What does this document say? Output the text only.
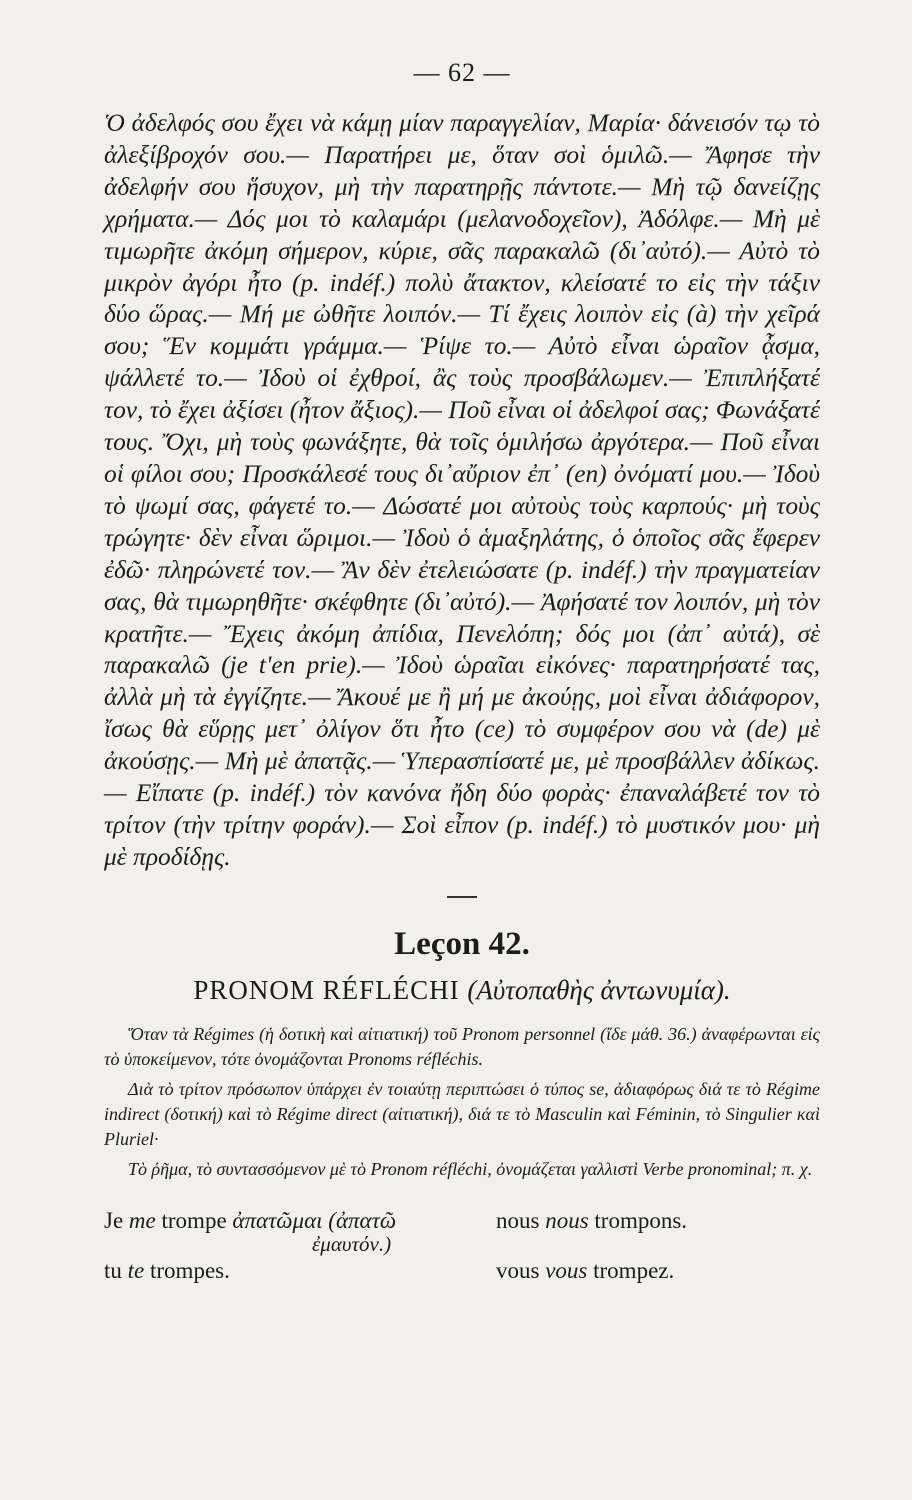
— 62 —
Ὁ ἀδελφός σου ἔχει νὰ κάμῃ μίαν παραγγελίαν, Μαρία· δάνεισόν τῳ τὸ ἀλεξίβροχόν σου.— Παρατήρει με, ὅταν σοὶ ὁμιλῶ.— Ἄφησε τὴν ἀδελφήν σου ἥσυχον, μὴ τὴν παρατηρῇς πάντοτε.— Μὴ τῷ δανείζῃς χρήματα.— Δός μοι τὸ καλαμάρι (μελανοδοχεῖον), Ἀδόλφε.— Μὴ μὲ τιμωρῆτε ἀκόμη σήμερον, κύριε, σᾶς παρακαλῶ (δι᾽αὐτό).— Αὐτὸ τὸ μικρὸν ἀγόρι ἦτο (p. indéf.) πολὺ ἄτακτον, κλείσατέ το εἰς τὴν τάξιν δύο ὥρας.— Μή με ὠθῆτε λοιπόν.— Τί ἔχεις λοιπὸν εἰς (à) τὴν χεῖρά σου; Ἕν κομμάτι γράμμα.— Ῥίψε το.— Αὐτὸ εἶναι ὡραῖον ᾆσμα, ψάλλετέ το.— Ἰδοὺ οἱ ἐχθροί, ἂς τοὺς προσβάλωμεν.— Ἐπιπλήξατέ τον, τὸ ἔχει ἀξίσει (ἦτον ἄξιος).— Ποῦ εἶναι οἱ ἀδελφοί σας; Φωνάξατέ τους. Ὄχι, μὴ τοὺς φωνάξητε, θὰ τοῖς ὁμιλήσω ἀργότερα.— Ποῦ εἶναι οἱ φίλοι σου; Προσκάλεσέ τους δι᾽αὔριον ἐπ᾽ (en) ὀνόματί μου.— Ἰδοὺ τὸ ψωμί σας, φάγετέ το.— Δώσατέ μοι αὐτοὺς τοὺς καρπούς· μὴ τοὺς τρώγητε· δὲν εἶναι ὥριμοι.— Ἰδοὺ ὁ ἁμαξηλάτης, ὁ ὁποῖος σᾶς ἔφερεν ἐδῶ· πληρώνετέ τον.— Ἂν δὲν ἐτελειώσατε (p. indéf.) τὴν πραγματείαν σας, θὰ τιμωρηθῆτε· σκέφθητε (δι᾽αὐτό).— Ἀφήσατέ τον λοιπόν, μὴ τὸν κρατῆτε.— Ἔχεις ἀκόμη ἀπίδια, Πενελόπη; δός μοι (ἀπ᾽ αὐτά), σὲ παρακαλῶ (je t'en prie).— Ἰδοὺ ὡραῖαι εἰκόνες· παρατηρήσατέ τας, ἀλλὰ μὴ τὰ ἐγγίζητε.— Ἄκουέ με ἢ μή με ἀκούῃς, μοὶ εἶναι ἀδιάφορον, ἴσως θὰ εὕρῃς μετ᾽ ὀλίγον ὅτι ἦτο (ce) τὸ συμφέρον σου νὰ (de) μὲ ἀκούσῃς.— Μὴ μὲ ἀπατᾷς.— Ὑπερασπίσατέ με, μὲ προσβάλλεν ἀδίκως.— Εἴπατε (p. indéf.) τὸν κανόνα ἤδη δύο φορὰς· ἐπαναλάβετέ τον τὸ τρίτον (τὴν τρίτην φοράν).— Σοὶ εἶπον (p. indéf.) τὸ μυστικόν μου· μὴ μὲ προδίδῃς.
Leçon 42.
PRONOM RÉFLÉCHI (Αὐτοπαθὴς ἀντωνυμία).

Ὅταν τὰ Régimes (ἡ δοτικὴ καὶ αἰτιατική) τοῦ Pronom personnel (ἴδε μάθ. 36.) ἀναφέρωνται εἰς τὸ ὑποκείμενον, τότε ὀνομάζονται Pronoms réfléchis.

Διὰ τὸ τρίτον πρόσωπον ὑπάρχει ἐν τοιαύτῃ περιπτώσει ὁ τύπος se, ἀδιαφόρως διά τε τὸ Régime indirect (δοτική) καὶ τὸ Régime direct (αἰτιατική), διά τε τὸ Masculin καὶ Féminin, τὸ Singulier καὶ Pluriel·

Τὸ ῥῆμα, τὸ συντασσόμενον μὲ τὸ Pronom réfléchi, ὀνομάζεται γαλλιστὶ Verbe pronominal; π. χ.

Je me trompe ἀπατῶμαι (ἀπατῶ
ἐμαυτόν.)
nous nous trompons.
tu te trompes.	vous vous trompez.
